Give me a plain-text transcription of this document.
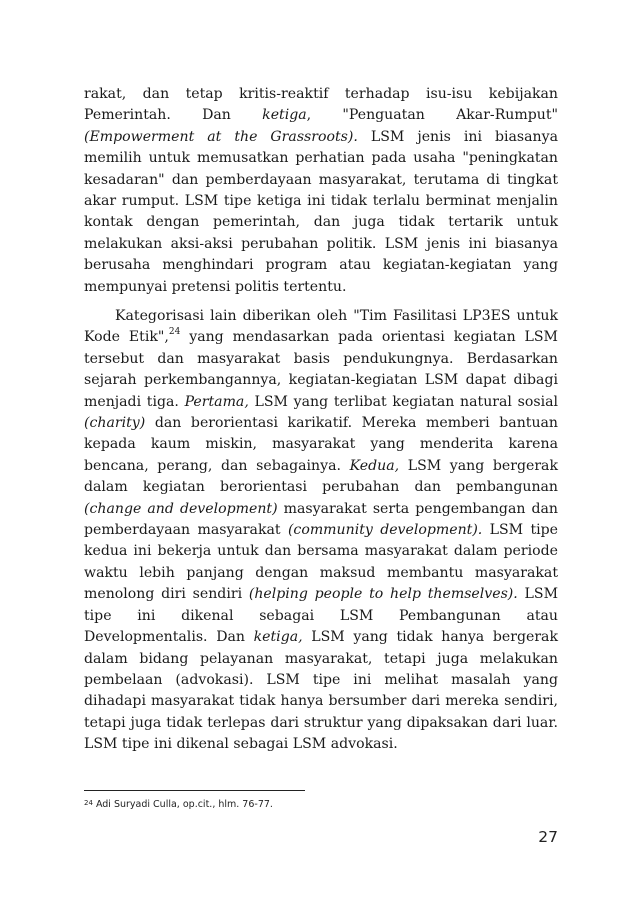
rakat, dan tetap kritis-reaktif terhadap isu-isu kebijakan Pemerintah. Dan ketiga, "Penguatan Akar-Rumput" (Empowerment at the Grassroots). LSM jenis ini biasanya memilih untuk memusatkan perhatian pada usaha "peningkatan kesadaran" dan pemberdayaan masyarakat, terutama di tingkat akar rumput. LSM tipe ketiga ini tidak terlalu berminat menjalin kontak dengan pemerintah, dan juga tidak tertarik untuk melakukan aksi-aksi perubahan politik. LSM jenis ini biasanya berusaha menghindari program atau kegiatan-kegiatan yang mempunyai pretensi politis tertentu.

Kategorisasi lain diberikan oleh "Tim Fasilitasi LP3ES untuk Kode Etik",$^{24}$ yang mendasarkan pada orientasi kegiatan LSM tersebut dan masyarakat basis pendukungnya. Berdasarkan sejarah perkembangannya, kegiatan-kegiatan LSM dapat dibagi menjadi tiga. Pertama, LSM yang terlibat kegiatan natural sosial (charity) dan berorientasi karikatif. Mereka memberi bantuan kepada kaum miskin, masyarakat yang menderita karena bencana, perang, dan sebagainya. Kedua, LSM yang bergerak dalam kegiatan berorientasi perubahan dan pembangunan (change and development) masyarakat serta pengembangan dan pemberdayaan masyarakat (community development). LSM tipe kedua ini bekerja untuk dan bersama masyarakat dalam periode waktu lebih panjang dengan maksud membantu masyarakat menolong diri sendiri (helping people to help themselves). LSM tipe ini dikenal sebagai LSM Pembangunan atau Developmentalis. Dan ketiga, LSM yang tidak hanya bergerak dalam bidang pelayanan masyarakat, tetapi juga melakukan pembelaan (advokasi). LSM tipe ini melihat masalah yang dihadapi masyarakat tidak hanya bersumber dari mereka sendiri, tetapi juga tidak terlepas dari struktur yang dipaksakan dari luar. LSM tipe ini dikenal sebagai LSM advokasi.

$^{24}$ Adi Suryadi Culla, op.cit., hlm. 76-77.
27
